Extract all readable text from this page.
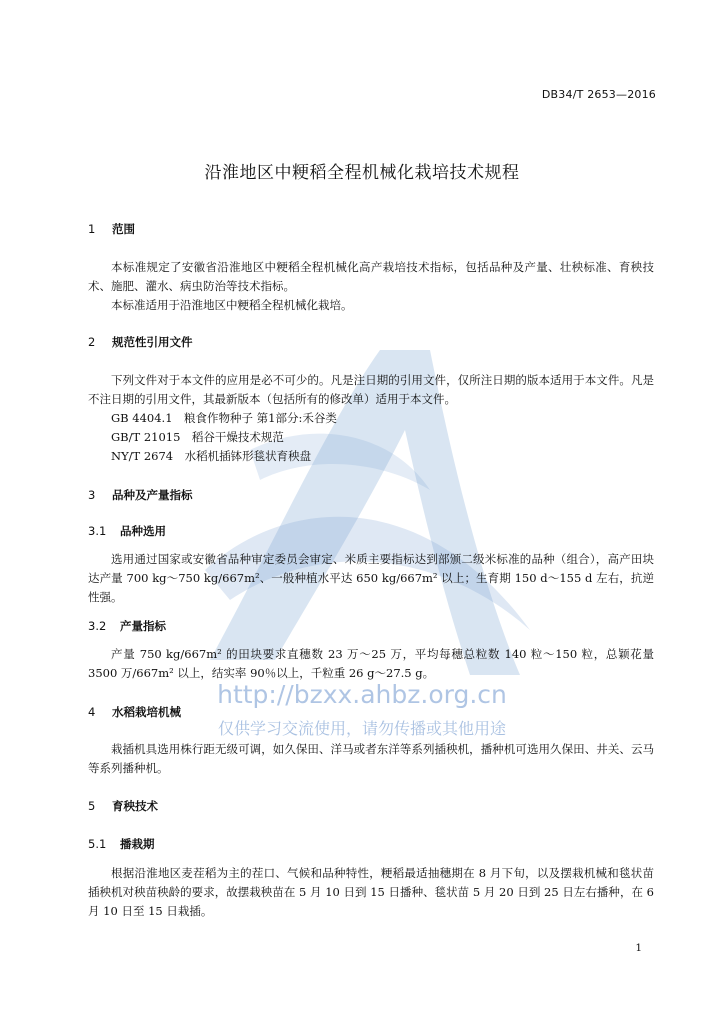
DB34/T 2653—2016
沿淮地区中粳稻全程机械化栽培技术规程
1 范围
本标准规定了安徽省沿淮地区中粳稻全程机械化高产栽培技术指标，包括品种及产量、壮秧标准、育秧技术、施肥、灌水、病虫防治等技术指标。
本标准适用于沿淮地区中粳稻全程机械化栽培。
2 规范性引用文件
下列文件对于本文件的应用是必不可少的。凡是注日期的引用文件，仅所注日期的版本适用于本文件。凡是不注日期的引用文件，其最新版本（包括所有的修改单）适用于本文件。
GB 4404.1　粮食作物种子 第1部分:禾谷类
GB/T 21015　稻谷干燥技术规范
NY/T 2674　水稻机插钵形毯状育秧盘
3 品种及产量指标
3.1 品种选用
选用通过国家或安徽省品种审定委员会审定、米质主要指标达到部颁二级米标准的品种（组合），高产田块达产量 700 kg～750 kg/667m²、一般种植水平达 650 kg/667m² 以上；生育期 150 d～155 d 左右，抗逆性强。
3.2 产量指标
产量 750 kg/667m² 的田块要求直穗数 23 万～25 万，平均每穗总粒数 140 粒～150 粒，总颖花量 3500 万/667m² 以上，结实率 90％以上，千粒重 26 g～27.5 g。
http://bzxx.ahbz.org.cn
仅供学习交流使用，请勿传播或其他用途
4 水稻栽培机械
栽插机具选用株行距无级可调，如久保田、洋马或者东洋等系列插秧机，播种机可选用久保田、井关、云马等系列播种机。
5 育秧技术
5.1 播栽期
根据沿淮地区麦茬稻为主的茬口、气候和品种特性，粳稻最适抽穗期在 8 月下旬，以及摆栽机械和毯状苗插秧机对秧苗秧龄的要求，故摆栽秧苗在 5 月 10 日到 15 日播种、毯状苗 5 月 20 日到 25 日左右播种，在 6 月 10 日至 15 日栽插。
1
